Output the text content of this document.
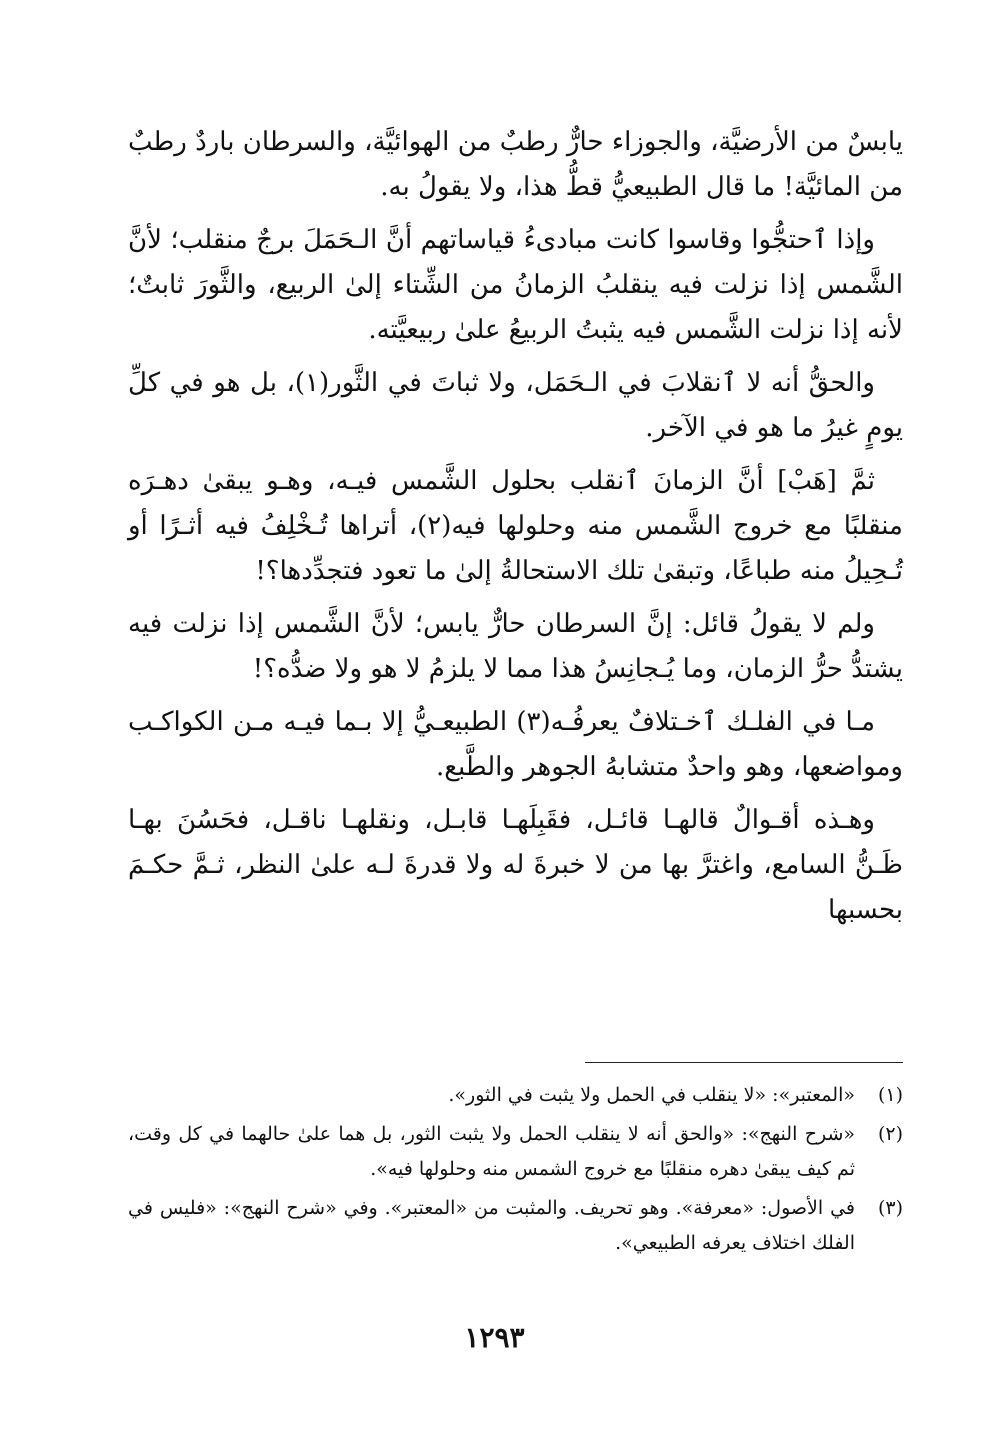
يابسٌ من الأرضيَّة، والجوزاء حارٌّ رطبٌ من الهوائيَّة، والسرطان باردٌ رطبٌ من المائيَّة! ما قال الطبيعيُّ قطُّ هذا، ولا يقولُ به.

وإذا ٱحتجُّوا وقاسوا كانت مبادىءُ قياساتهم أنَّ الـحَمَلَ برجٌ منقلب؛ لأنَّ الشَّمس إذا نزلت فيه ينقلبُ الزمانُ من الشِّتاء إلىٰ الربيع، والثَّورَ ثابتٌ؛ لأنه إذا نزلت الشَّمس فيه يثبتُ الربيعُ علىٰ ربيعيَّته.

والحقُّ أنه لا ٱنقلابَ في الـحَمَل، ولا ثباتَ في الثَّور(١)، بل هو في كلِّ يومٍ غيرُ ما هو في الآخر.

ثمَّ [هَبْ] أنَّ الزمانَ ٱنقلب بحلول الشَّمس فيـه، وهـو يبقىٰ دهـرَه منقلبًا مع خروج الشَّمس منه وحلولها فيه(٢)، أتراها تُـخْلِفُ فيه أثـرًا أو تُـحِيلُ منه طباعًا، وتبقىٰ تلك الاستحالةُ إلىٰ ما تعود فتجدِّدها؟!

ولم لا يقولُ قائل: إنَّ السرطان حارٌّ يابس؛ لأنَّ الشَّمس إذا نزلت فيه يشتدُّ حرُّ الزمان، وما يُـجانِسُ هذا مما لا يلزمُ لا هو ولا ضدُّه؟!

مـا في الفلـك ٱخـتلافٌ يعرفُـه(٣) الطبيعـيُّ إلا بـما فيـه مـن الكواكـب ومواضعها، وهو واحدٌ متشابهُ الجوهر والطَّبع.

وهـذه أقـوالٌ قالهـا قائـل، فقَبِلَهـا قابـل، ونقلهـا ناقـل، فحَسُنَ بهـا ظَـنُّ السامع، واغترَّ بها من لا خبرةَ له ولا قدرةَ لـه علىٰ النظر، ثـمَّ حكـمَ بحسبها

(١)
«المعتبر»: «لا ينقلب في الحمل ولا يثبت في الثور».
(٢)
«شرح النهج»: «والحق أنه لا ينقلب الحمل ولا يثبت الثور، بل هما علىٰ حالهما في كل وقت، ثم كيف يبقىٰ دهره منقلبًا مع خروج الشمس منه وحلولها فيه».
(٣)
في الأصول: «معرفة». وهو تحريف. والمثبت من «المعتبر». وفي «شرح النهج»: «فليس في الفلك اختلاف يعرفه الطبيعي».
١٢٩٣
